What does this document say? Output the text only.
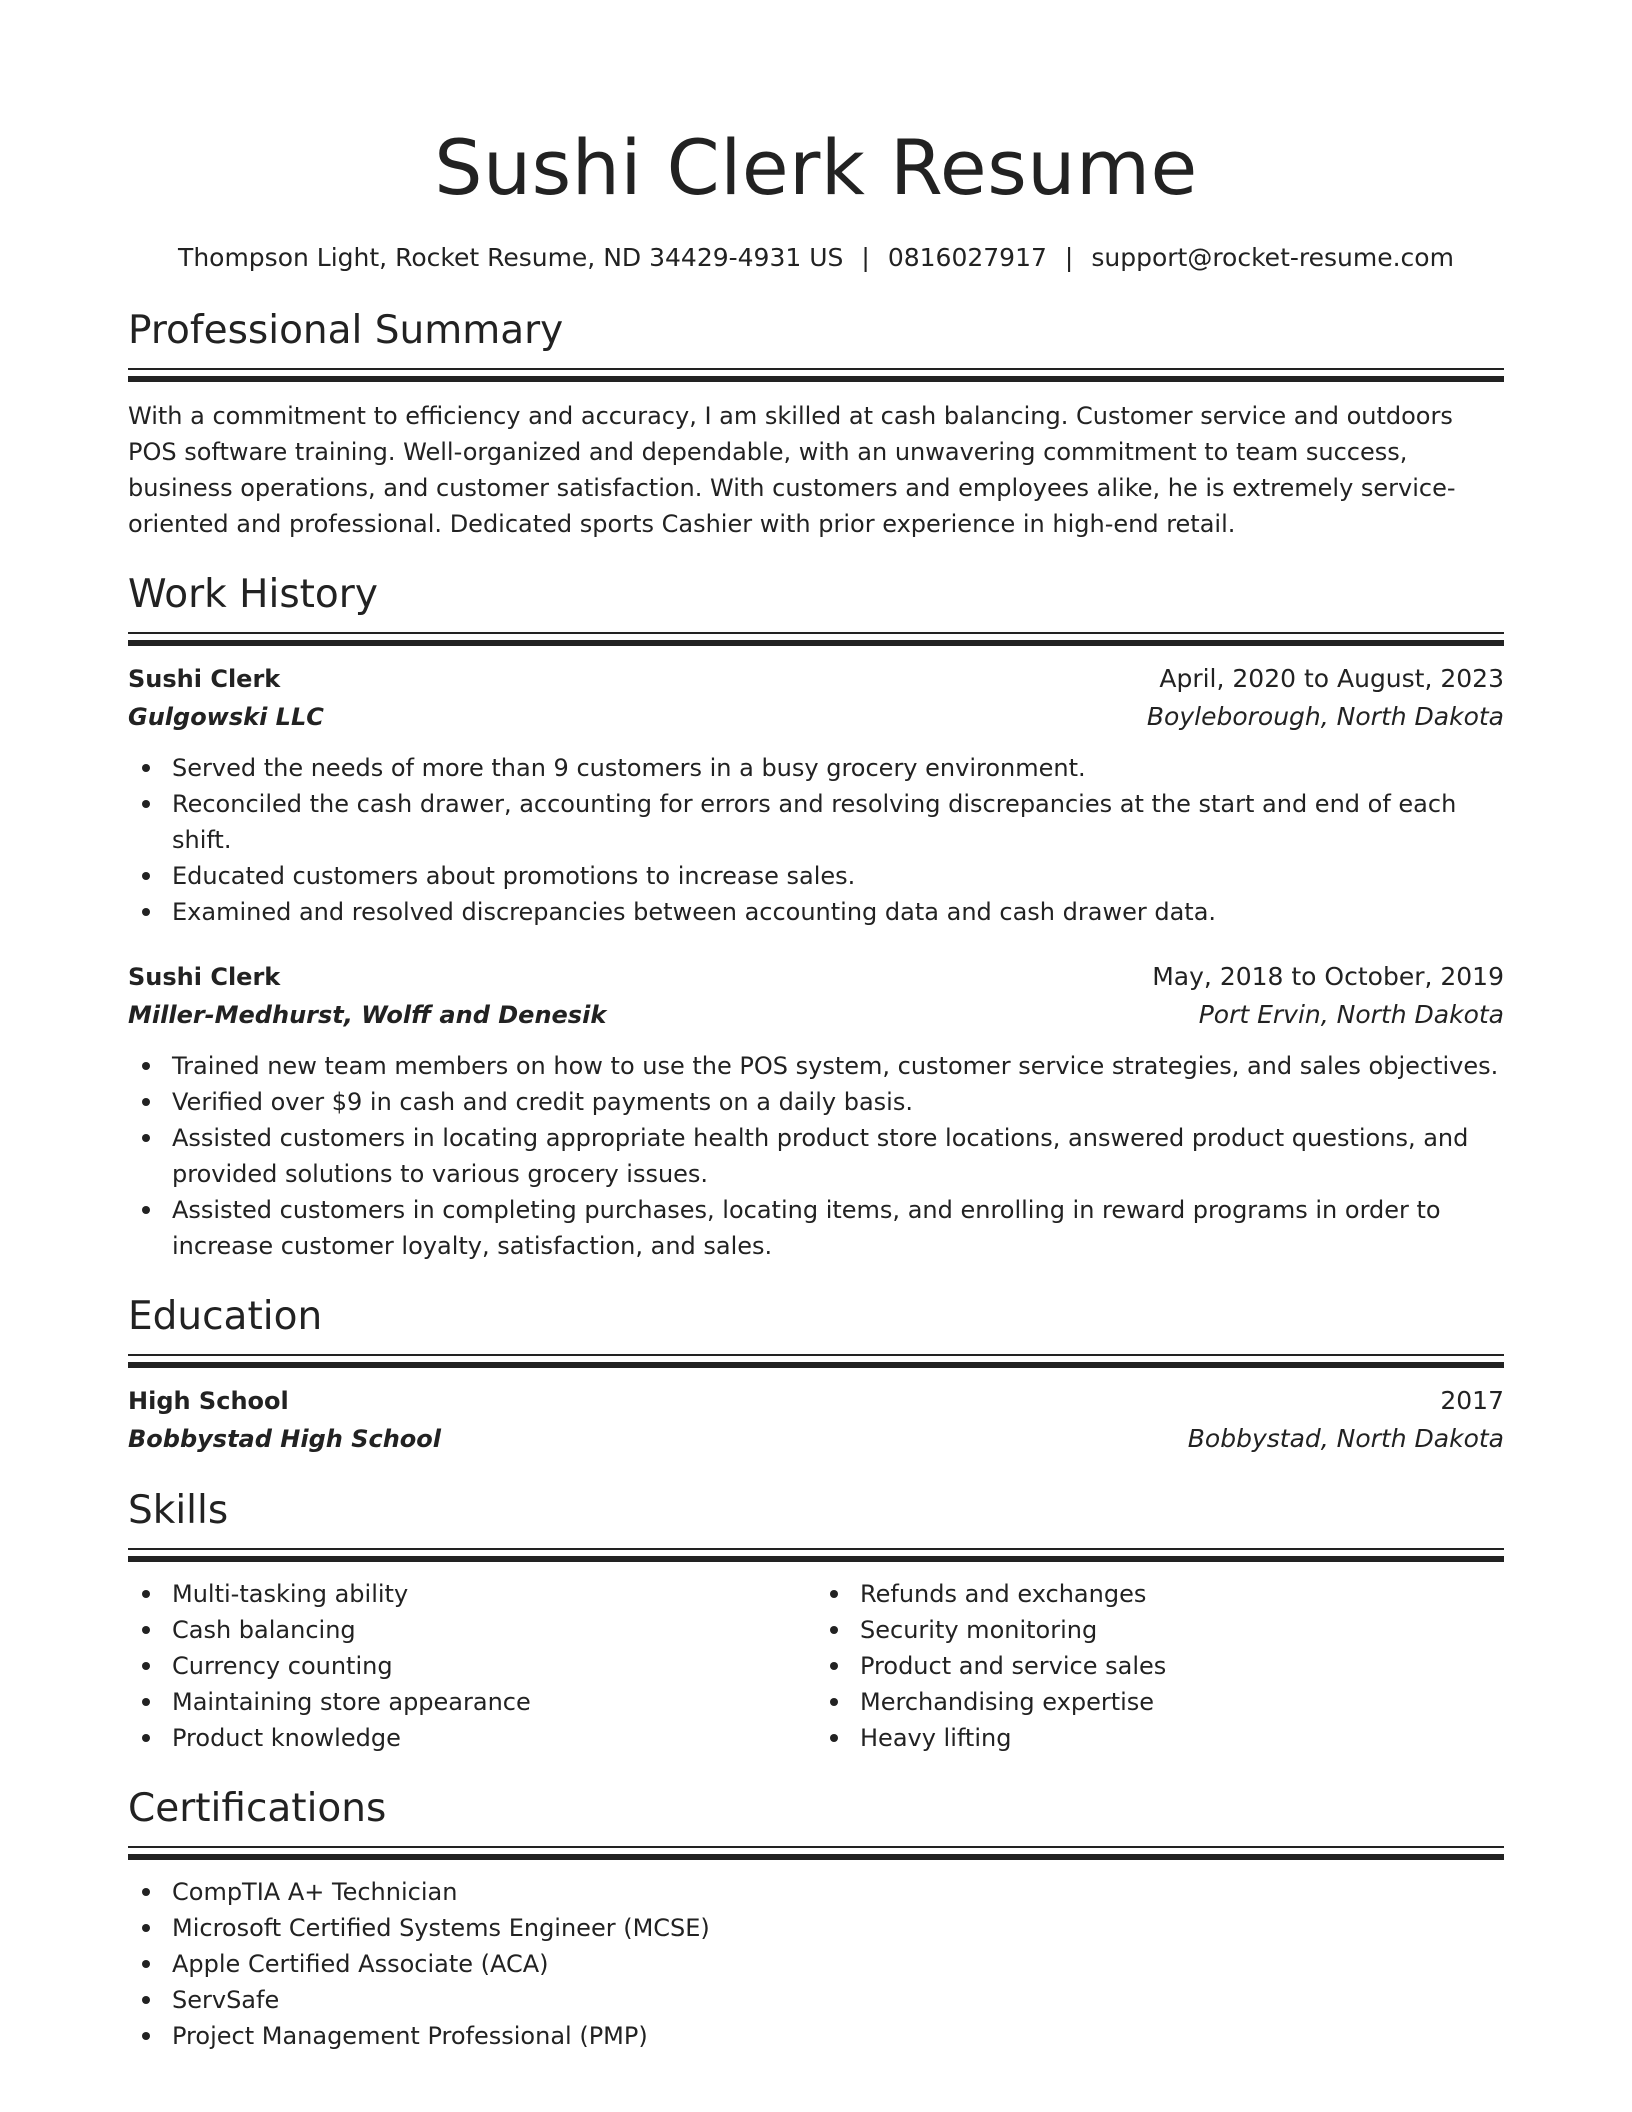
Sushi Clerk Resume
Thompson Light, Rocket Resume, ND 34429-4931 US | 0816027917 | support@rocket-resume.com
Professional Summary
With a commitment to efficiency and accuracy, I am skilled at cash balancing. Customer service and outdoors POS software training. Well-organized and dependable, with an unwavering commitment to team success, business operations, and customer satisfaction. With customers and employees alike, he is extremely service-oriented and professional. Dedicated sports Cashier with prior experience in high-end retail.
Work History
Sushi Clerk	April, 2020 to August, 2023
Gulgowski LLC	Boyleborough, North Dakota
Served the needs of more than 9 customers in a busy grocery environment.
Reconciled the cash drawer, accounting for errors and resolving discrepancies at the start and end of each shift.
Educated customers about promotions to increase sales.
Examined and resolved discrepancies between accounting data and cash drawer data.
Sushi Clerk	May, 2018 to October, 2019
Miller-Medhurst, Wolff and Denesik	Port Ervin, North Dakota
Trained new team members on how to use the POS system, customer service strategies, and sales objectives.
Verified over $9 in cash and credit payments on a daily basis.
Assisted customers in locating appropriate health product store locations, answered product questions, and provided solutions to various grocery issues.
Assisted customers in completing purchases, locating items, and enrolling in reward programs in order to increase customer loyalty, satisfaction, and sales.
Education
High School	2017
Bobbystad High School	Bobbystad, North Dakota
Skills
Multi-tasking ability
Cash balancing
Currency counting
Maintaining store appearance
Product knowledge
Refunds and exchanges
Security monitoring
Product and service sales
Merchandising expertise
Heavy lifting
Certifications
CompTIA A+ Technician
Microsoft Certified Systems Engineer (MCSE)
Apple Certified Associate (ACA)
ServSafe
Project Management Professional (PMP)
